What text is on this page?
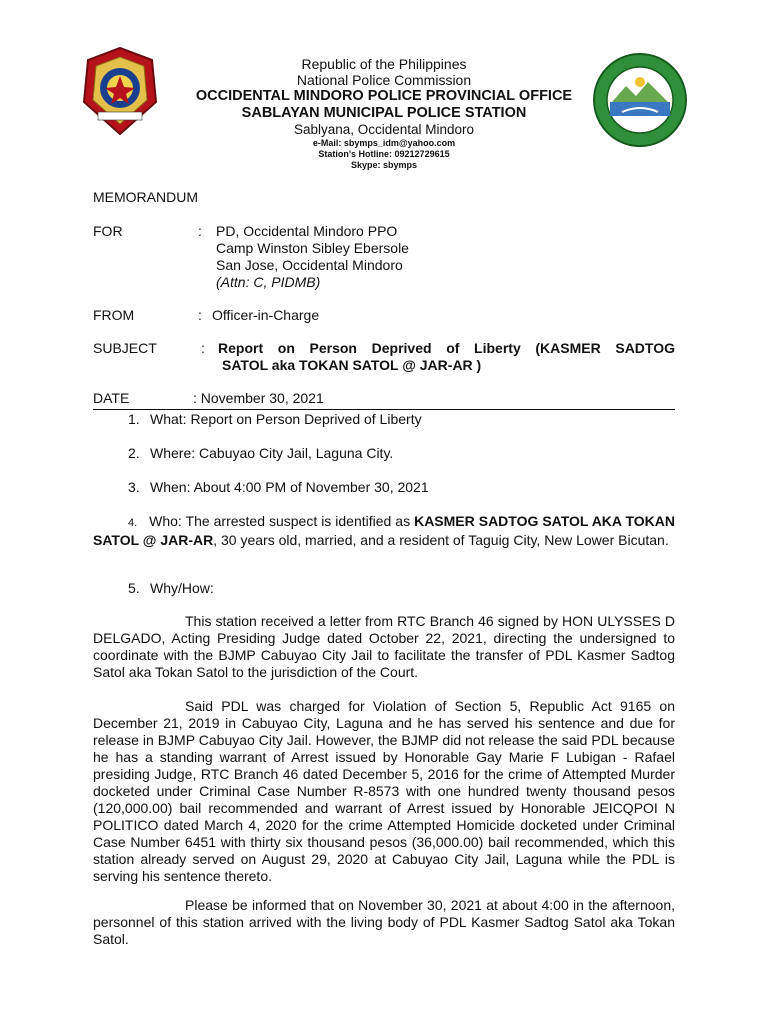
Republic of the Philippines
National Police Commission
OCCIDENTAL MINDORO POLICE PROVINCIAL OFFICE
SABLAYAN MUNICIPAL POLICE STATION
Sablyana, Occidental Mindoro
e-Mail: sbymps_idm@yahoo.com
Station's Hotline: 09212729615
Skype: sbymps
MEMORANDUM
FOR	: PD, Occidental Mindoro PPO
Camp Winston Sibley Ebersole
San Jose, Occidental Mindoro
(Attn: C, PIDMB)
FROM	: Officer-in-Charge
SUBJECT	: Report on Person Deprived of Liberty (KASMER SADTOG
SATOL aka TOKAN SATOL @ JAR-AR )
DATE	: November 30, 2021
1. What: Report on Person Deprived of Liberty
2. Where: Cabuyao City Jail, Laguna City.
3. When: About 4:00 PM of November 30, 2021
4. Who: The arrested suspect is identified as KASMER SADTOG SATOL AKA TOKAN SATOL @ JAR-AR, 30 years old, married, and a resident of Taguig City, New Lower Bicutan.
5. Why/How:
This station received a letter from RTC Branch 46 signed by HON ULYSSES D DELGADO, Acting Presiding Judge dated October 22, 2021, directing the undersigned to coordinate with the BJMP Cabuyao City Jail to facilitate the transfer of PDL Kasmer Sadtog Satol aka Tokan Satol to the jurisdiction of the Court.
Said PDL was charged for Violation of Section 5, Republic Act 9165 on December 21, 2019 in Cabuyao City, Laguna and he has served his sentence and due for release in BJMP Cabuyao City Jail. However, the BJMP did not release the said PDL because he has a standing warrant of Arrest issued by Honorable Gay Marie F Lubigan - Rafael presiding Judge, RTC Branch 46 dated December 5, 2016 for the crime of Attempted Murder docketed under Criminal Case Number R-8573 with one hundred twenty thousand pesos (120,000.00) bail recommended and warrant of Arrest issued by Honorable JEICQPOI N POLITICO dated March 4, 2020 for the crime Attempted Homicide docketed under Criminal Case Number 6451 with thirty six thousand pesos (36,000.00) bail recommended, which this station already served on August 29, 2020 at Cabuyao City Jail, Laguna while the PDL is serving his sentence thereto.
Please be informed that on November 30, 2021 at about 4:00 in the afternoon, personnel of this station arrived with the living body of PDL Kasmer Sadtog Satol aka Tokan Satol.
